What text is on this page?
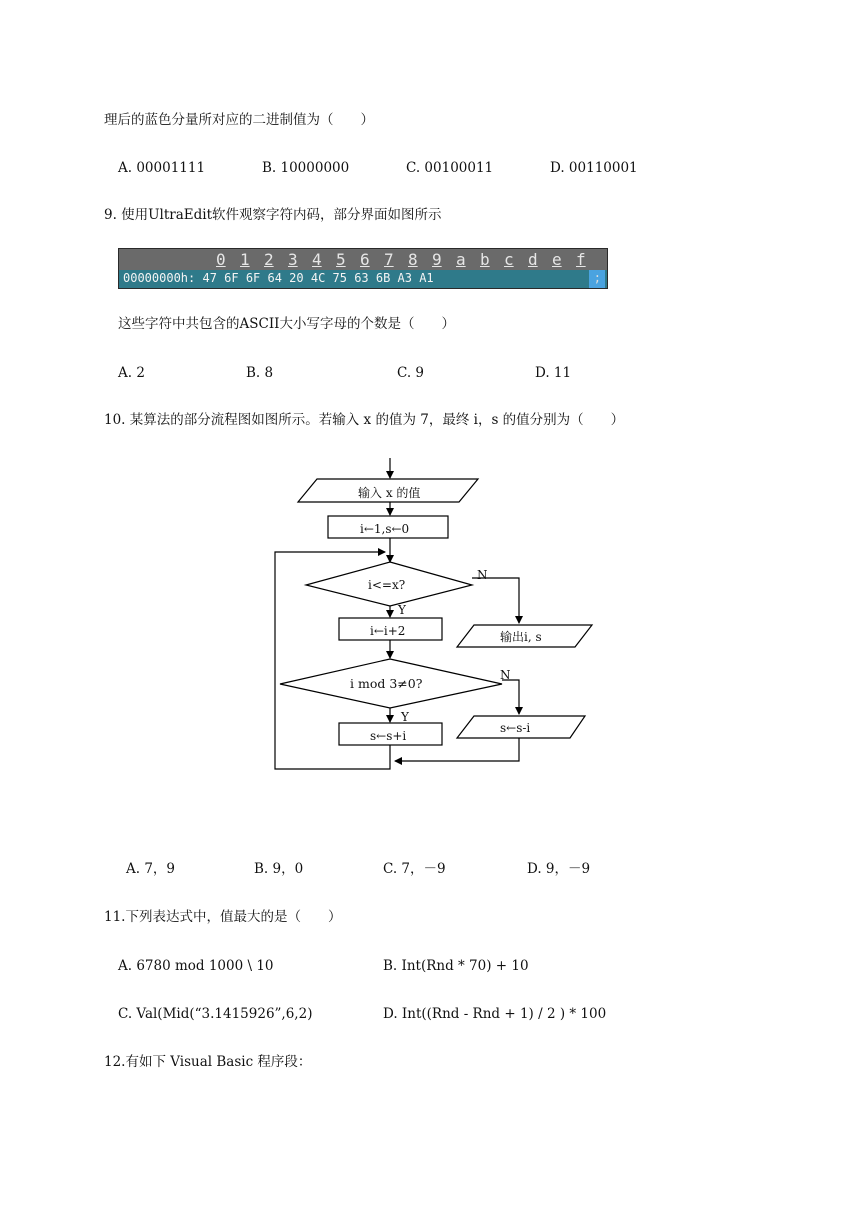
理后的蓝色分量所对应的二进制值为（　　）
A. 00001111	B. 10000000	C. 00100011	D. 00110001
9. 使用UltraEdit软件观察字符内码，部分界面如图所示
0 1 2 3 4 5 6 7 8 9 a b c d e f
00000000h: 47 6F 6F 64 20 4C 75 63 6B A3 A1	;
这些字符中共包含的ASCII大小写字母的个数是（　　）
A. 2	B. 8	C. 9	D. 11
10. 某算法的部分流程图如图所示。若输入 x 的值为 7，最终 i，s 的值分别为（　　）
输入 x 的值
i←1,s←0
i<=x?
N
Y
输出i, s
i←i+2
i mod 3≠0?
N
Y
s←s+i
s←s-i
A. 7，9	B. 9，0	C. 7，－9	D. 9，－9
11.下列表达式中，值最大的是（　　）
A. 6780 mod 1000 \ 10	B. Int(Rnd * 70) + 10
C. Val(Mid(“3.1415926”,6,2)	D. Int((Rnd - Rnd + 1) / 2 ) * 100
12.有如下 Visual Basic 程序段：
